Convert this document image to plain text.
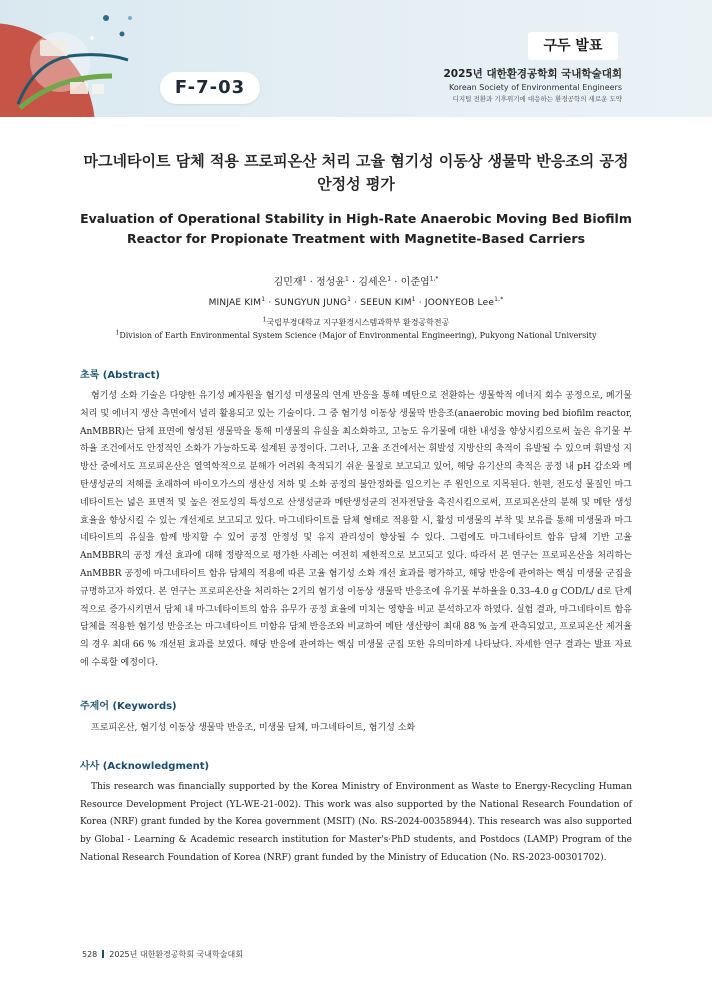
F-7-03
구두 발표
2025년 대한환경공학회 국내학술대회
Korean Society of Environmental Engineers
디지털 전환과 기후위기에 대응하는 환경공학의 새로운 도약
마그네타이트 담체 적용 프로피온산 처리 고율 혐기성 이동상 생물막 반응조의 공정 안정성 평가
Evaluation of Operational Stability in High-Rate Anaerobic Moving Bed Biofilm Reactor for Propionate Treatment with Magnetite-Based Carriers
김민재$^1$ · 정성윤$^1$ · 김세은$^1$ · 이준엽$^{1,*}$
MINJAE $KIM^1$ · SUNGYUN $JUNG^1$ · SEEUN $KIM^1$ · JOONYEOB Lee$^{1,*}$
$^1$국립부경대학교 지구환경시스템과학부 환경공학전공
$^1$Division of Earth Environmental System Science (Major of Environmental Engineering), Pukyong National University
초록 (Abstract)

혐기성 소화 기술은 다양한 유기성 폐자원을 혐기성 미생물의 연계 반응을 통해 메탄으로 전환하는 생물학적 에너지 회수 공정으로, 폐기물 처리 및 에너지 생산 측면에서 널리 활용되고 있는 기술이다. 그 중 혐기성 이동상 생물막 반응조(anaerobic moving bed biofilm reactor, AnMBBR)는 담체 표면에 형성된 생물막을 통해 미생물의 유실을 최소화하고, 고농도 유기물에 대한 내성을 향상시킴으로써 높은 유기물 부하율 조건에서도 안정적인 소화가 가능하도록 설계된 공정이다. 그러나, 고율 조건에서는 휘발성 지방산의 축적이 유발될 수 있으며 휘발성 지방산 중에서도 프로피온산은 열역학적으로 분해가 어려워 축적되기 쉬운 물질로 보고되고 있어, 해당 유기산의 축적은 공정 내 pH 감소와 메탄생성균의 저해를 초래하여 바이오가스의 생산성 저하 및 소화 공정의 불안정화를 일으키는 주 원인으로 지목된다. 한편, 전도성 물질인 마그네타이트는 넓은 표면적 및 높은 전도성의 특성으로 산생성균과 메탄생성균의 전자전달을 촉진시킴으로써, 프로피온산의 분해 및 메탄 생성 효율을 향상시킬 수 있는 개선제로 보고되고 있다. 마그네타이트를 담체 형태로 적용할 시, 활성 미생물의 부착 및 보유를 통해 미생물과 마그네타이트의 유실을 함께 방지할 수 있어 공정 안정성 및 유지 관리성이 향상될 수 있다. 그럼에도 마그네타이트 함유 담체 기반 고율 AnMBBR의 공정 개선 효과에 대해 정량적으로 평가한 사례는 여전히 제한적으로 보고되고 있다. 따라서 본 연구는 프로피온산을 처리하는 AnMBBR 공정에 마그네타이트 함유 담체의 적용에 따른 고율 혐기성 소화 개선 효과를 평가하고, 해당 반응에 관여하는 핵심 미생물 군집을 규명하고자 하였다. 본 연구는 프로피온산을 처리하는 2기의 혐기성 이동상 생물막 반응조에 유기물 부하율을 0.33–4.0 g COD/L/ d로 단계적으로 증가시키면서 담체 내 마그네타이트의 함유 유무가 공정 효율에 미치는 영향을 비교 분석하고자 하였다. 실험 결과, 마그네타이트 함유 담체를 적용한 혐기성 반응조는 마그네타이트 미함유 담체 반응조와 비교하여 메탄 생산량이 최대 88 % 높게 관측되었고, 프로피온산 제거율의 경우 최대 66 % 개선된 효과를 보였다. 해당 반응에 관여하는 핵심 미생물 군집 또한 유의미하게 나타났다. 자세한 연구 결과는 발표 자료에 수록할 예정이다.

주제어 (Keywords)
프로피온산, 혐기성 이동상 생물막 반응조, 미생물 담체, 마그네타이트, 혐기성 소화
사사 (Acknowledgment)

This research was financially supported by the Korea Ministry of Environment as Waste to Energy-Recycling Human Resource Development Project (YL-WE-21-002). This work was also supported by the National Research Foundation of Korea (NRF) grant funded by the Korea government (MSIT) (No. RS-2024-00358944). This research was also supported by Global - Learning & Academic research institution for Master's·PhD students, and Postdocs (LAMP) Program of the National Research Foundation of Korea (NRF) grant funded by the Ministry of Education (No. RS-2023-00301702).

528 2025년 대한환경공학회 국내학술대회
